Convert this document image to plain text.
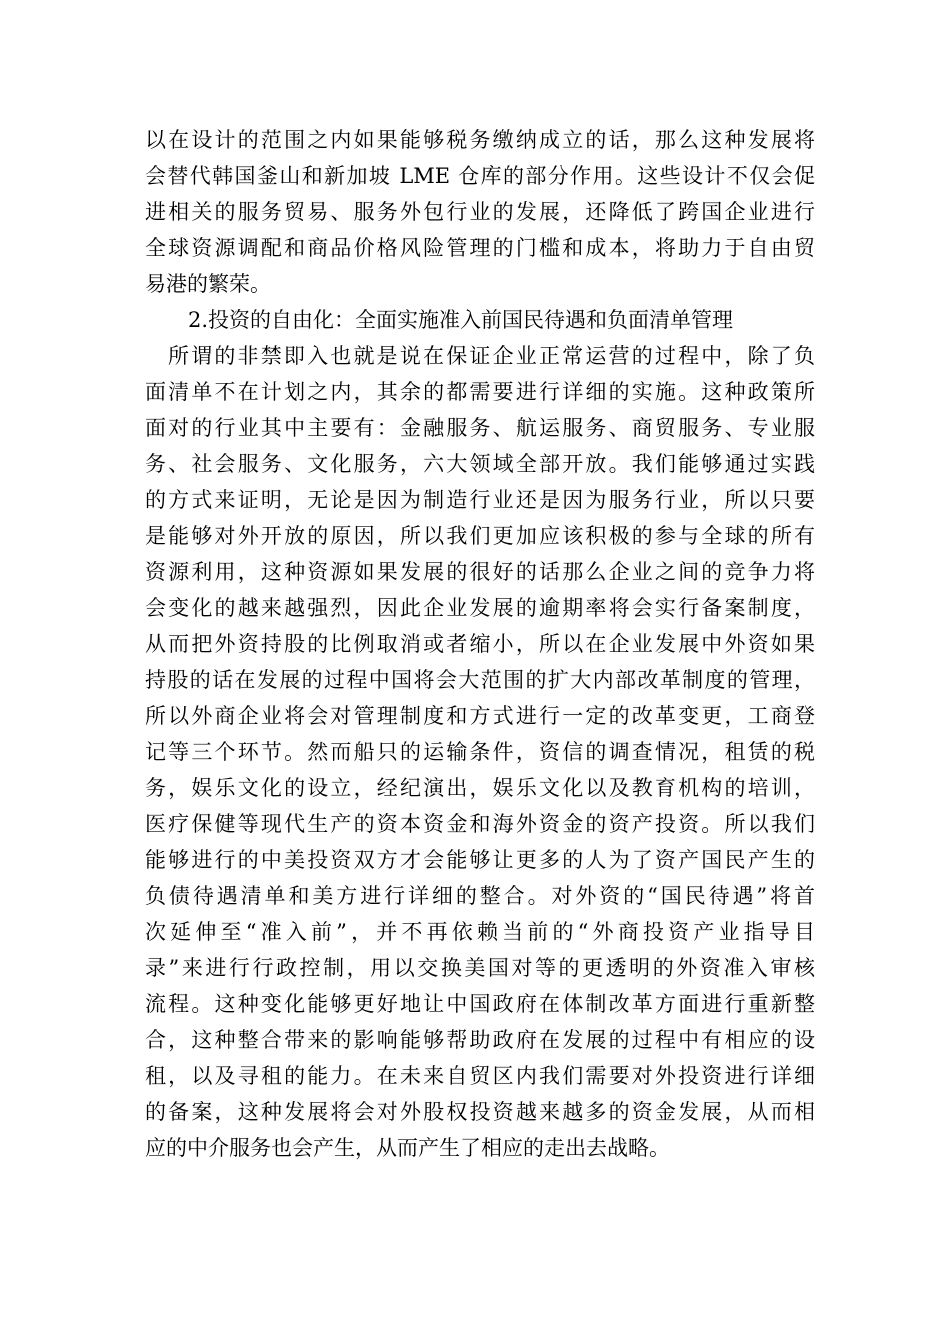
以在设计的范围之内如果能够税务缴纳成立的话，那么这种发展将
会替代韩国釜山和新加坡 LME 仓库的部分作用。这些设计不仅会促
进相关的服务贸易、服务外包行业的发展，还降低了跨国企业进行
全球资源调配和商品价格风险管理的门槛和成本，将助力于自由贸
易港的繁荣。
2.投资的自由化：全面实施准入前国民待遇和负面清单管理
所谓的非禁即入也就是说在保证企业正常运营的过程中，除了负
面清单不在计划之内，其余的都需要进行详细的实施。这种政策所
面对的行业其中主要有：金融服务、航运服务、商贸服务、专业服
务、社会服务、文化服务，六大领域全部开放。我们能够通过实践
的方式来证明，无论是因为制造行业还是因为服务行业，所以只要
是能够对外开放的原因，所以我们更加应该积极的参与全球的所有
资源利用，这种资源如果发展的很好的话那么企业之间的竞争力将
会变化的越来越强烈，因此企业发展的逾期率将会实行备案制度，
从而把外资持股的比例取消或者缩小，所以在企业发展中外资如果
持股的话在发展的过程中国将会大范围的扩大内部改革制度的管理，
所以外商企业将会对管理制度和方式进行一定的改革变更，工商登
记等三个环节。然而船只的运输条件，资信的调查情况，租赁的税
务，娱乐文化的设立，经纪演出，娱乐文化以及教育机构的培训，
医疗保健等现代生产的资本资金和海外资金的资产投资。所以我们
能够进行的中美投资双方才会能够让更多的人为了资产国民产生的
负债待遇清单和美方进行详细的整合。对外资的“国民待遇”将首
次延伸至“准入前”，并不再依赖当前的“外商投资产业指导目
录”来进行行政控制，用以交换美国对等的更透明的外资准入审核
流程。这种变化能够更好地让中国政府在体制改革方面进行重新整
合，这种整合带来的影响能够帮助政府在发展的过程中有相应的设
租，以及寻租的能力。在未来自贸区内我们需要对外投资进行详细
的备案，这种发展将会对外股权投资越来越多的资金发展，从而相
应的中介服务也会产生，从而产生了相应的走出去战略。
